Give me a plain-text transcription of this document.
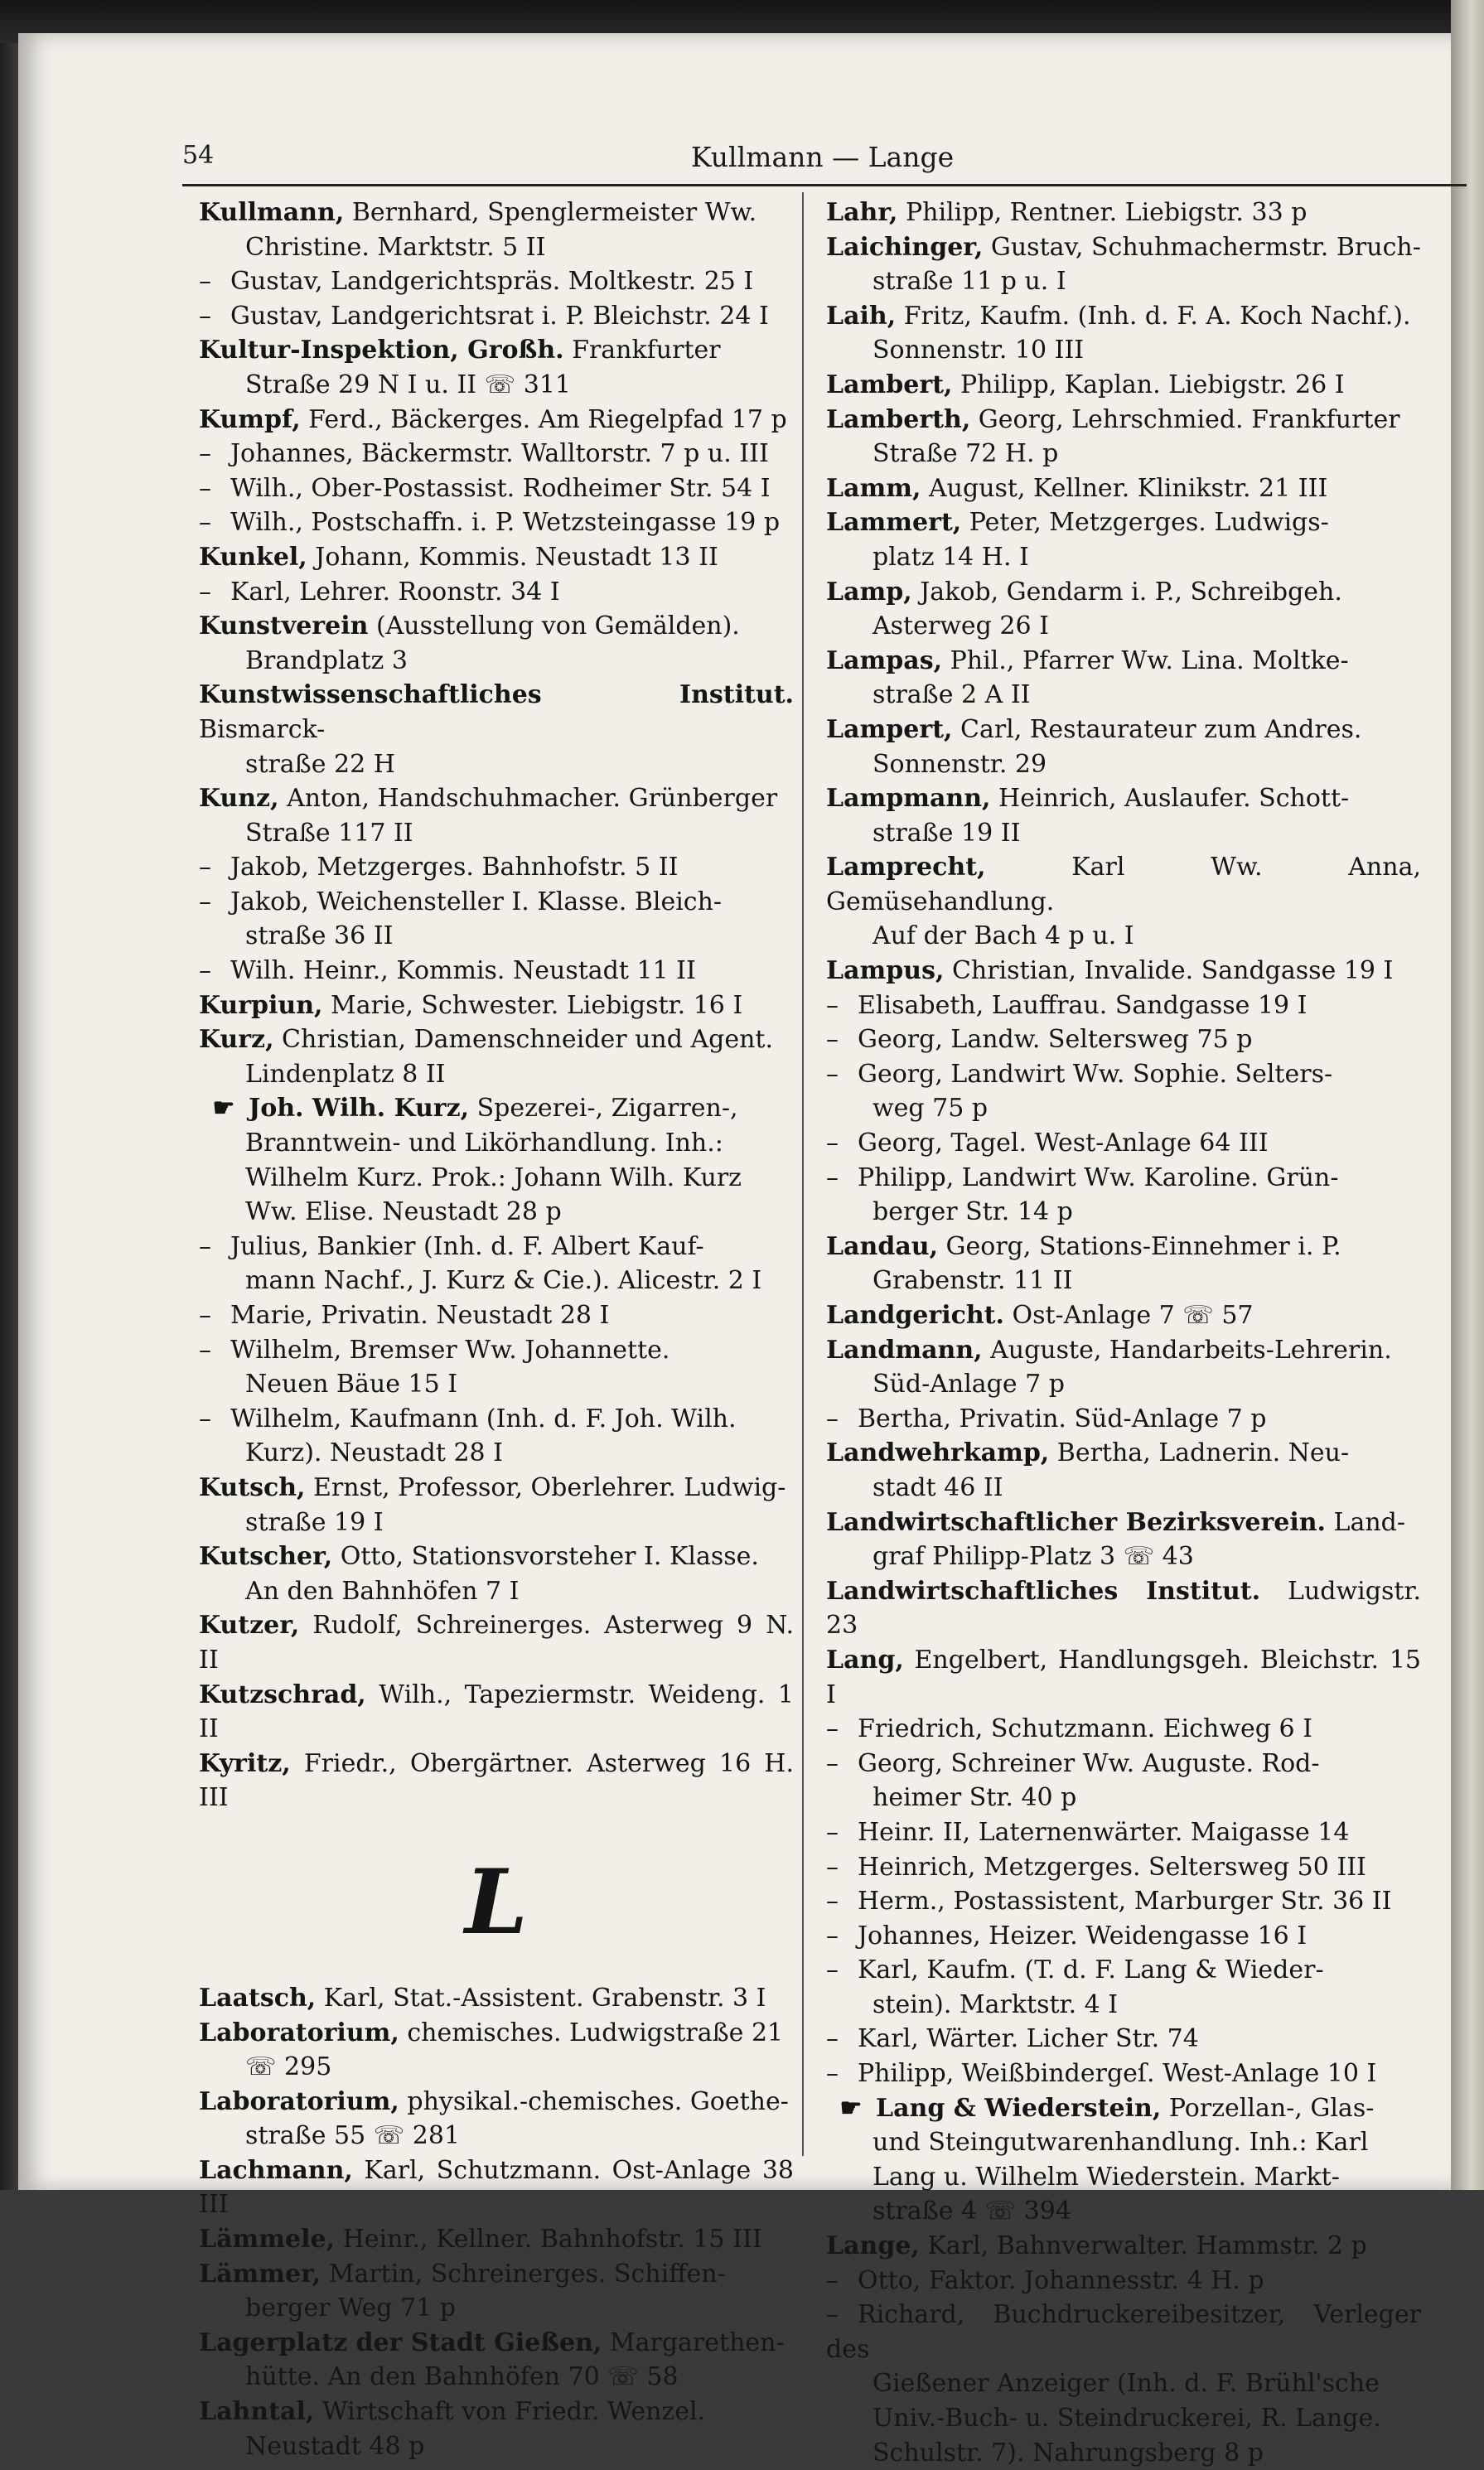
54	Kullmann — Lange
Kullmann, Bernhard, Spenglermeister Ww.
Christine. Marktstr. 5 II
– Gustav, Landgerichtspräs. Moltkestr. 25 I
– Gustav, Landgerichtsrat i. P. Bleichstr. 24 I
Kultur-Inspektion, Großh. Frankfurter
Straße 29 N I u. II ☏ 311
Kumpf, Ferd., Bäckerges. Am Riegelpfad 17 p
– Johannes, Bäckermstr. Walltorstr. 7 p u. III
– Wilh., Ober-Postassist. Rodheimer Str. 54 I
– Wilh., Postschaffn. i. P. Wetzsteingasse 19 p
Kunkel, Johann, Kommis. Neustadt 13 II
– Karl, Lehrer. Roonstr. 34 I
Kunstverein (Ausstellung von Gemälden).
Brandplatz 3
Kunstwissenschaftliches Institut. Bismarck-
straße 22 H
Kunz, Anton, Handschuhmacher. Grünberger
Straße 117 II
– Jakob, Metzgerges. Bahnhofstr. 5 II
– Jakob, Weichensteller I. Klasse. Bleich-
straße 36 II
– Wilh. Heinr., Kommis. Neustadt 11 II
Kurpiun, Marie, Schwester. Liebigstr. 16 I
Kurz, Christian, Damenschneider und Agent.
Lindenplatz 8 II
☛ Joh. Wilh. Kurz, Spezerei-, Zigarren-,
Branntwein- und Likörhandlung. Inh.:
Wilhelm Kurz. Prok.: Johann Wilh. Kurz
Ww. Elise. Neustadt 28 p
– Julius, Bankier (Inh. d. F. Albert Kauf-
mann Nachf., J. Kurz & Cie.). Alicestr. 2 I
– Marie, Privatin. Neustadt 28 I
– Wilhelm, Bremser Ww. Johannette.
Neuen Bäue 15 I
– Wilhelm, Kaufmann (Inh. d. F. Joh. Wilh.
Kurz). Neustadt 28 I
Kutsch, Ernst, Professor, Oberlehrer. Ludwig-
straße 19 I
Kutscher, Otto, Stationsvorsteher I. Klasse.
An den Bahnhöfen 7 I
Kutzer, Rudolf, Schreinerges. Asterweg 9 N. II
Kutzschrad, Wilh., Tapeziermstr. Weideng. 1 II
Kyritz, Friedr., Obergärtner. Asterweg 16 H. III
L
Laatsch, Karl, Stat.-Assistent. Grabenstr. 3 I
Laboratorium, chemisches. Ludwigstraße 21
☏ 295
Laboratorium, physikal.-chemisches. Goethe-
straße 55 ☏ 281
Lachmann, Karl, Schutzmann. Ost-Anlage 38 III
Lämmele, Heinr., Kellner. Bahnhofstr. 15 III
Lämmer, Martin, Schreinerges. Schiffen-
berger Weg 71 p
Lagerplatz der Stadt Gießen, Margarethen-
hütte. An den Bahnhöfen 70 ☏ 58
Lahntal, Wirtschaft von Friedr. Wenzel.
Neustadt 48 p
Lahr, Philipp, Rentner. Liebigstr. 33 p
Laichinger, Gustav, Schuhmachermstr. Bruch-
straße 11 p u. I
Laih, Fritz, Kaufm. (Inh. d. F. A. Koch Nachf.).
Sonnenstr. 10 III
Lambert, Philipp, Kaplan. Liebigstr. 26 I
Lamberth, Georg, Lehrschmied. Frankfurter
Straße 72 H. p
Lamm, August, Kellner. Klinikstr. 21 III
Lammert, Peter, Metzgerges. Ludwigs-
platz 14 H. I
Lamp, Jakob, Gendarm i. P., Schreibgeh.
Asterweg 26 I
Lampas, Phil., Pfarrer Ww. Lina. Moltke-
straße 2 A II
Lampert, Carl, Restaurateur zum Andres.
Sonnenstr. 29
Lampmann, Heinrich, Auslaufer. Schott-
straße 19 II
Lamprecht, Karl Ww. Anna, Gemüsehandlung.
Auf der Bach 4 p u. I
Lampus, Christian, Invalide. Sandgasse 19 I
– Elisabeth, Lauffrau. Sandgasse 19 I
– Georg, Landw. Seltersweg 75 p
– Georg, Landwirt Ww. Sophie. Selters-
weg 75 p
– Georg, Tagel. West-Anlage 64 III
– Philipp, Landwirt Ww. Karoline. Grün-
berger Str. 14 p
Landau, Georg, Stations-Einnehmer i. P.
Grabenstr. 11 II
Landgericht. Ost-Anlage 7 ☏ 57
Landmann, Auguste, Handarbeits-Lehrerin.
Süd-Anlage 7 p
– Bertha, Privatin. Süd-Anlage 7 p
Landwehrkamp, Bertha, Ladnerin. Neu-
stadt 46 II
Landwirtschaftlicher Bezirksverein. Land-
graf Philipp-Platz 3 ☏ 43
Landwirtschaftliches Institut. Ludwigstr. 23
Lang, Engelbert, Handlungsgeh. Bleichstr. 15 I
– Friedrich, Schutzmann. Eichweg 6 I
– Georg, Schreiner Ww. Auguste. Rod-
heimer Str. 40 p
– Heinr. II, Laternenwärter. Maigasse 14
– Heinrich, Metzgerges. Seltersweg 50 III
– Herm., Postassistent, Marburger Str. 36 II
– Johannes, Heizer. Weidengasse 16 I
– Karl, Kaufm. (T. d. F. Lang & Wieder-
stein). Marktstr. 4 I
– Karl, Wärter. Licher Str. 74
– Philipp, Weißbindergeſ. West-Anlage 10 I
☛ Lang & Wiederstein, Porzellan-, Glas-
und Steingutwarenhandlung. Inh.: Karl
Lang u. Wilhelm Wiederstein. Markt-
straße 4 ☏ 394
Lange, Karl, Bahnverwalter. Hammstr. 2 p
– Otto, Faktor. Johannesstr. 4 H. p
– Richard, Buchdruckereibesitzer, Verleger des
Gießener Anzeiger (Inh. d. F. Brühl'sche
Univ.-Buch- u. Steindruckerei, R. Lange.
Schulstr. 7). Nahrungsberg 8 p
